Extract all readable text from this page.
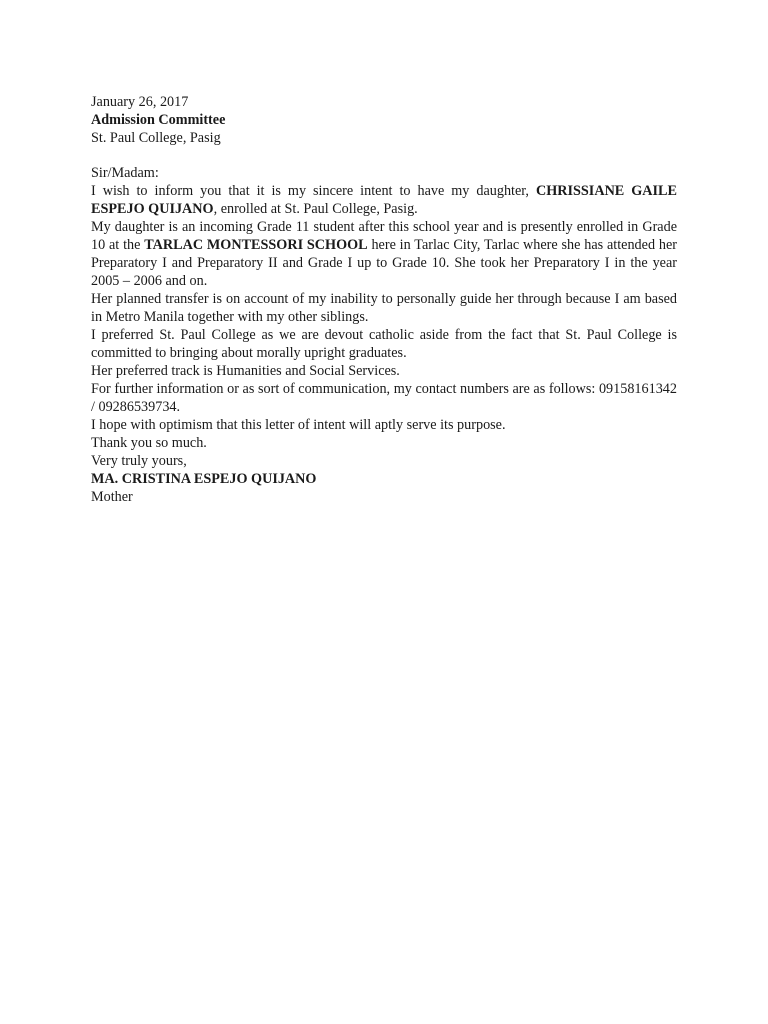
January 26, 2017

Admission Committee

St. Paul College, Pasig

Sir/Madam:

I wish to inform you that it is my sincere intent to have my daughter, CHRISSIANE GAILE ESPEJO QUIJANO, enrolled at St. Paul College, Pasig.

My daughter is an incoming Grade 11 student after this school year and is presently enrolled in Grade 10 at the TARLAC MONTESSORI SCHOOL here in Tarlac City, Tarlac where she has attended her Preparatory I and Preparatory II and Grade I up to Grade 10. She took her Preparatory I in the year 2005 – 2006 and on.

Her planned transfer is on account of my inability to personally guide her through because I am based in Metro Manila together with my other siblings.

I preferred St. Paul College as we are devout catholic aside from the fact that St. Paul College is committed to bringing about morally upright graduates.

Her preferred track is Humanities and Social Services.

For further information or as sort of communication, my contact numbers are as follows: 09158161342 / 09286539734.

I hope with optimism that this letter of intent will aptly serve its purpose.

Thank you so much.

Very truly yours,

MA. CRISTINA ESPEJO QUIJANO

Mother
